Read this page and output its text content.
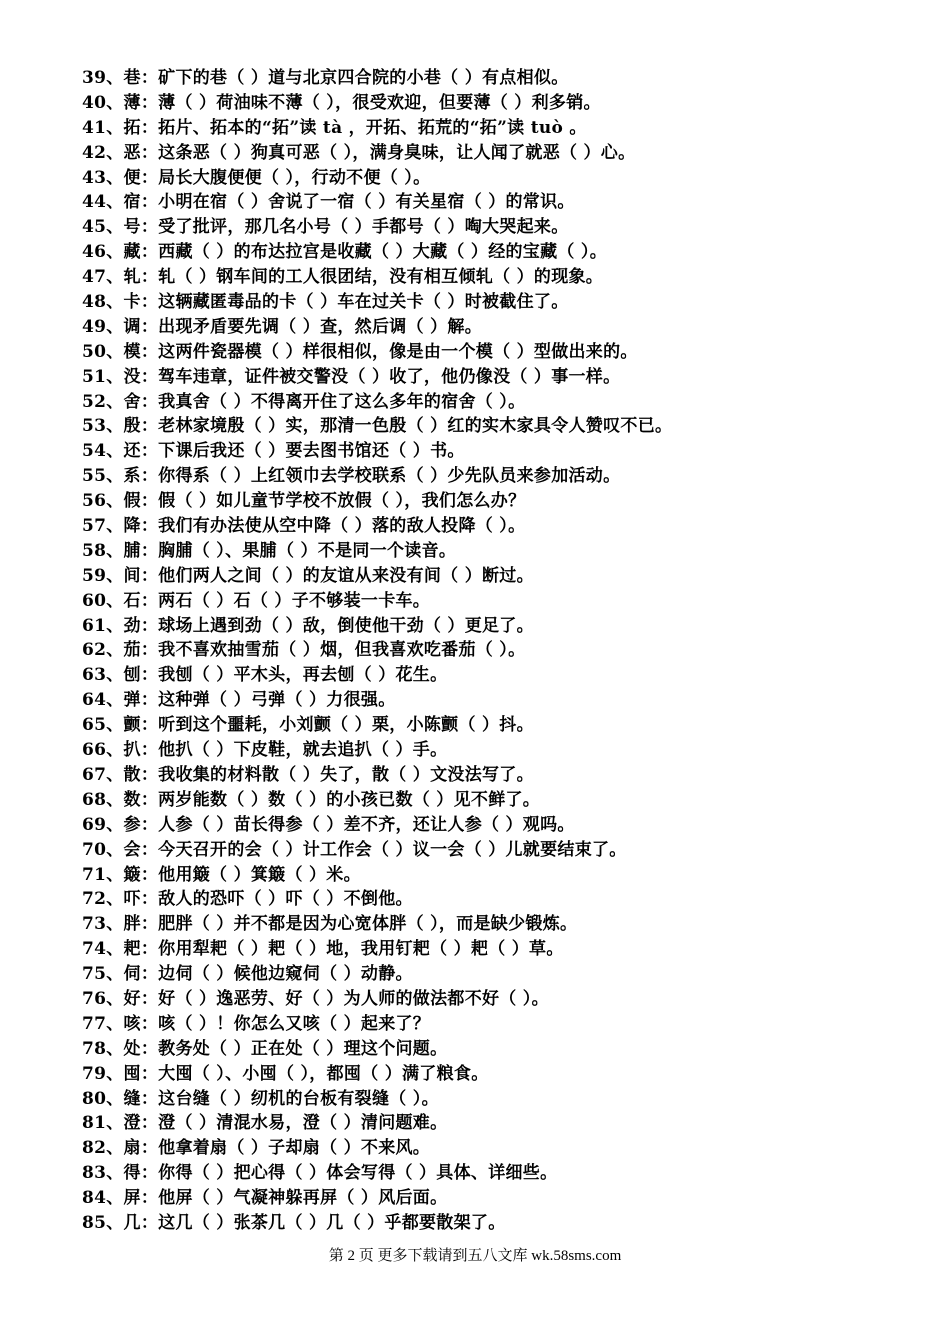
39、巷：矿下的巷（ ）道与北京四合院的小巷（ ）有点相似。
40、薄：薄（ ）荷油味不薄（ ），很受欢迎，但要薄（ ）利多销。
41、拓：拓片、拓本的“拓”读 tà ，开拓、拓荒的“拓”读 tuò 。
42、恶：这条恶（ ）狗真可恶（ ），满身臭味，让人闻了就恶（ ）心。
43、便：局长大腹便便（ ），行动不便（ ）。
44、宿：小明在宿（ ）舍说了一宿（ ）有关星宿（ ）的常识。
45、号：受了批评，那几名小号（ ）手都号（ ）啕大哭起来。
46、藏：西藏（ ）的布达拉宫是收藏（ ）大藏（ ）经的宝藏（ ）。
47、轧：轧（ ）钢车间的工人很团结，没有相互倾轧（ ）的现象。
48、卡：这辆藏匿毒品的卡（ ）车在过关卡（ ）时被截住了。
49、调：出现矛盾要先调（ ）查，然后调（ ）解。
50、模：这两件瓷器模（ ）样很相似，像是由一个模（ ）型做出来的。
51、没：驾车违章，证件被交警没（ ）收了，他仍像没（ ）事一样。
52、舍：我真舍（ ）不得离开住了这么多年的宿舍（ ）。
53、殷：老林家境殷（ ）实，那清一色殷（ ）红的实木家具令人赞叹不已。
54、还：下课后我还（ ）要去图书馆还（ ）书。
55、系：你得系（ ）上红领巾去学校联系（ ）少先队员来参加活动。
56、假：假（ ）如儿童节学校不放假（ ），我们怎么办？
57、降：我们有办法使从空中降（ ）落的敌人投降（ ）。
58、脯：胸脯（ ）、果脯（ ）不是同一个读音。
59、间：他们两人之间（ ）的友谊从来没有间（ ）断过。
60、石：两石（ ）石（ ）子不够装一卡车。
61、劲：球场上遇到劲（ ）敌，倒使他干劲（ ）更足了。
62、茄：我不喜欢抽雪茄（ ）烟，但我喜欢吃番茄（ ）。
63、刨：我刨（ ）平木头，再去刨（ ）花生。
64、弹：这种弹（ ）弓弹（ ）力很强。
65、颤：听到这个噩耗，小刘颤（ ）栗，小陈颤（ ）抖。
66、扒：他扒（ ）下皮鞋，就去追扒（ ）手。
67、散：我收集的材料散（ ）失了，散（ ）文没法写了。
68、数：两岁能数（ ）数（ ）的小孩已数（ ）见不鲜了。
69、参：人参（ ）苗长得参（ ）差不齐，还让人参（ ）观吗。
70、会：今天召开的会（ ）计工作会（ ）议一会（ ）儿就要结束了。
71、簸：他用簸（ ）箕簸（ ）米。
72、吓：敌人的恐吓（ ）吓（ ）不倒他。
73、胖：肥胖（ ）并不都是因为心宽体胖（ ），而是缺少锻炼。
74、耙：你用犁耙（ ）耙（ ）地，我用钉耙（ ）耙（ ）草。
75、伺：边伺（ ）候他边窥伺（ ）动静。
76、好：好（ ）逸恶劳、好（ ）为人师的做法都不好（ ）。
77、咳：咳（ ）！你怎么又咳（ ）起来了？
78、处：教务处（ ）正在处（ ）理这个问题。
79、囤：大囤（ ）、小囤（ ），都囤（ ）满了粮食。
80、缝：这台缝（ ）纫机的台板有裂缝（ ）。
81、澄：澄（ ）清混水易，澄（ ）清问题难。
82、扇：他拿着扇（ ）子却扇（ ）不来风。
83、得：你得（ ）把心得（ ）体会写得（ ）具体、详细些。
84、屏：他屏（ ）气凝神躲再屏（ ）风后面。
85、几：这几（ ）张茶几（ ）几（ ）乎都要散架了。
第 2 页 更多下载请到五八文库 wk.58sms.com
